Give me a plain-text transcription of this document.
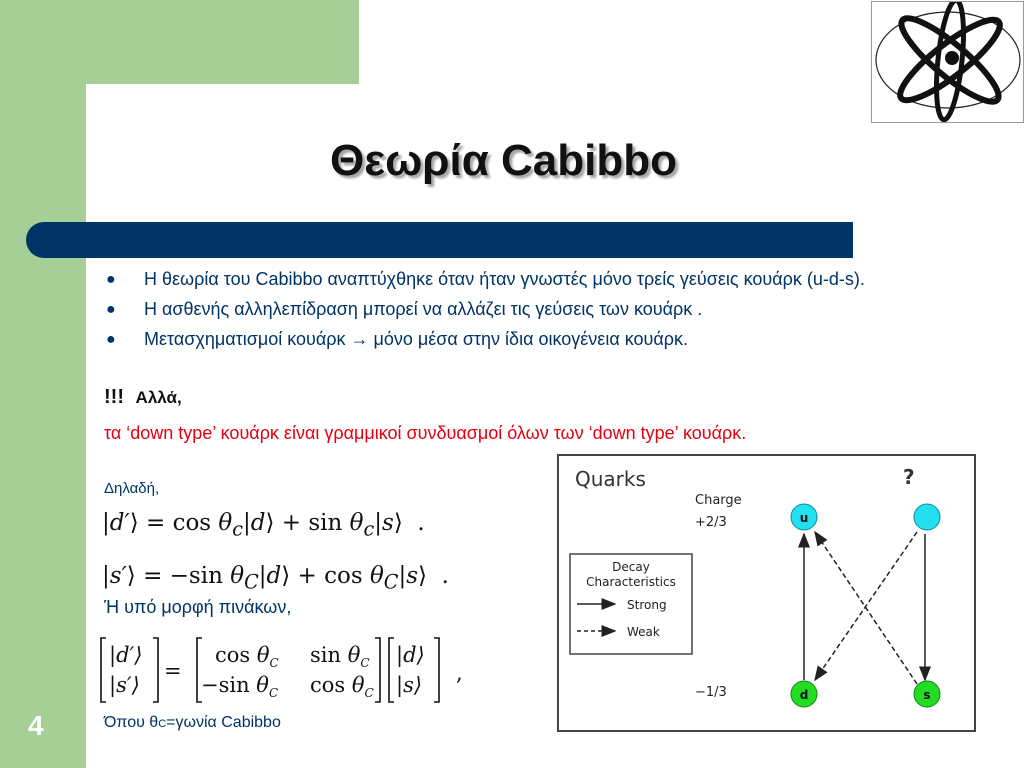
4
Θεωρία Cabibbo
● Η θεωρία του Cabibbo αναπτύχθηκε όταν ήταν γνωστές μόνο τρείς γεύσεις κουάρκ (u-d-s).
● Η ασθενής αλληλεπίδραση μπορεί να αλλάζει τις γεύσεις των κουάρκ .
● Μετασχηματισμοί κουάρκ → μόνο μέσα στην ίδια οικογένεια κουάρκ.
!!! Αλλά,
τα ‘down type’ κουάρκ είναι γραμμικοί συνδυασμοί όλων των ‘down type’ κουάρκ.
Δηλαδή,
|d′⟩ = $\cos \theta_c|d⟩ + \sin$ $\theta_c|s⟩$  .
|s′⟩ = −sin $\theta_C|d⟩ + \cos$ $\theta_C|s⟩$  .
Ή υπό μορφή πινάκων,
|d′⟩
|s′⟩
=
$\cos \theta_C$ $\sin \theta_C$
−sin $\theta_C$ $\cos \theta_C$
|d⟩
|s⟩ ,
Όπου θC=γωνία Cabibbo
Quarks	?
Charge
+2/3
−1/3
Decay
Characteristics
Strong
Weak
u
d	s
